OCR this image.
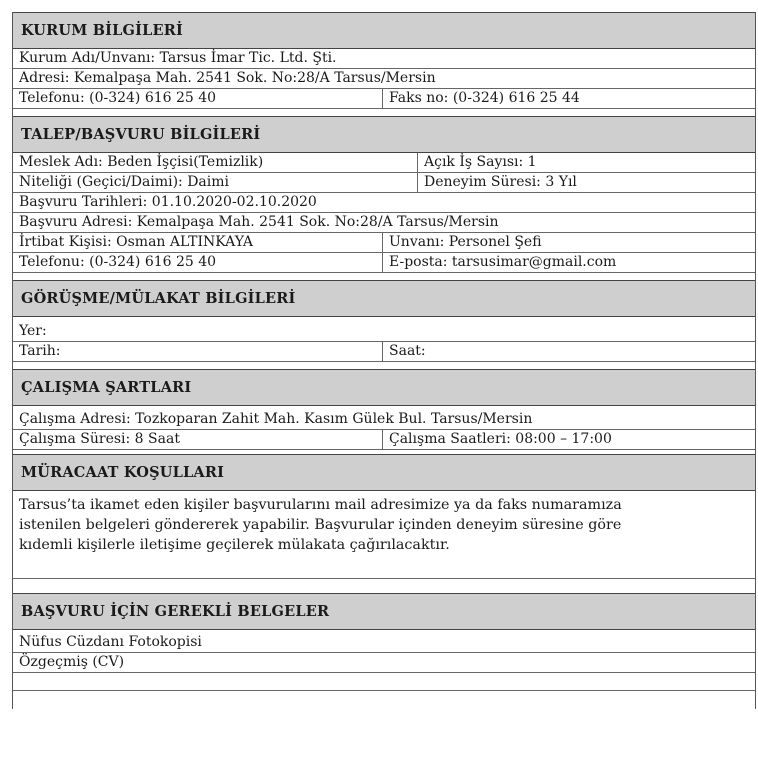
KURUM BİLGİLERİ
Kurum Adı/Unvanı: Tarsus İmar Tic. Ltd. Şti.
Adresi: Kemalpaşa Mah. 2541 Sok. No:28/A Tarsus/Mersin
Telefonu: (0-324) 616 25 40	Faks no: (0-324) 616 25 44
TALEP/BAŞVURU BİLGİLERİ
Meslek Adı: Beden İşçisi(Temizlik)	Açık İş Sayısı: 1
Niteliği (Geçici/Daimi): Daimi	Deneyim Süresi: 3 Yıl
Başvuru Tarihleri: 01.10.2020-02.10.2020
Başvuru Adresi: Kemalpaşa Mah. 2541 Sok. No:28/A Tarsus/Mersin
İrtibat Kişisi: Osman ALTINKAYA	Unvanı: Personel Şefi
Telefonu: (0-324) 616 25 40	E-posta: tarsusimar@gmail.com
GÖRÜŞME/MÜLAKAT BİLGİLERİ
Yer:
Tarih:	Saat:
ÇALIŞMA ŞARTLARI
Çalışma Adresi: Tozkoparan Zahit Mah. Kasım Gülek Bul. Tarsus/Mersin
Çalışma Süresi: 8 Saat	Çalışma Saatleri: 08:00 – 17:00
MÜRACAAT KOŞULLARI
Tarsus’ta ikamet eden kişiler başvurularını mail adresimize ya da faks numaramıza
istenilen belgeleri göndererek yapabilir. Başvurular içinden deneyim süresine göre
kıdemli kişilerle iletişime geçilerek mülakata çağırılacaktır.
BAŞVURU İÇİN GEREKLİ BELGELER
Nüfus Cüzdanı Fotokopisi
Özgeçmiş (CV)
